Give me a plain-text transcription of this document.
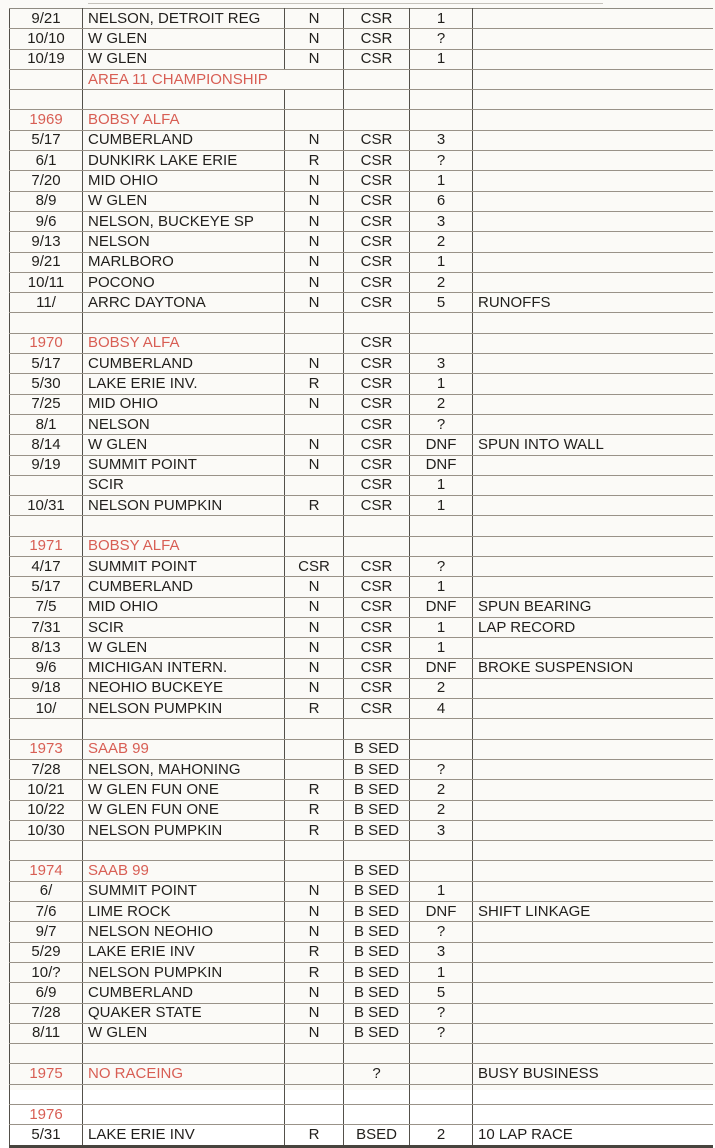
9/21	NELSON, DETROIT REG	N	CSR	1	
10/10	W GLEN	N	CSR	?	
10/19	W GLEN	N	CSR	1	
	AREA 11 CHAMPIONSHIP				

1969	BOBSY ALFA				
5/17	CUMBERLAND	N	CSR	3	
6/1	DUNKIRK LAKE ERIE	R	CSR	?	
7/20	MID OHIO	N	CSR	1	
8/9	W GLEN	N	CSR	6	
9/6	NELSON, BUCKEYE SP	N	CSR	3	
9/13	NELSON	N	CSR	2	
9/21	MARLBORO	N	CSR	1	
10/11	POCONO	N	CSR	2	
11/	ARRC DAYTONA	N	CSR	5	RUNOFFS

1970	BOBSY ALFA		CSR		
5/17	CUMBERLAND	N	CSR	3	
5/30	LAKE ERIE INV.	R	CSR	1	
7/25	MID OHIO	N	CSR	2	
8/1	NELSON		CSR	?	
8/14	W GLEN	N	CSR	DNF	SPUN INTO WALL
9/19	SUMMIT POINT	N	CSR	DNF	
	SCIR		CSR	1	
10/31	NELSON PUMPKIN	R	CSR	1	

1971	BOBSY ALFA				
4/17	SUMMIT POINT	CSR	CSR	?	
5/17	CUMBERLAND	N	CSR	1	
7/5	MID OHIO	N	CSR	DNF	SPUN BEARING
7/31	SCIR	N	CSR	1	LAP RECORD
8/13	W GLEN	N	CSR	1	
9/6	MICHIGAN INTERN.	N	CSR	DNF	BROKE SUSPENSION
9/18	NEOHIO BUCKEYE	N	CSR	2	
10/	NELSON PUMPKIN	R	CSR	4	

1973	SAAB 99		B SED		
7/28	NELSON, MAHONING		B SED	?	
10/21	W GLEN FUN ONE	R	B SED	2	
10/22	W GLEN FUN ONE	R	B SED	2	
10/30	NELSON PUMPKIN	R	B SED	3	

1974	SAAB 99		B SED		
6/	SUMMIT POINT	N	B SED	1	
7/6	LIME ROCK	N	B SED	DNF	SHIFT LINKAGE
9/7	NELSON NEOHIO	N	B SED	?	
5/29	LAKE ERIE INV	R	B SED	3	
10/?	NELSON PUMPKIN	R	B SED	1	
6/9	CUMBERLAND	N	B SED	5	
7/28	QUAKER STATE	N	B SED	?	
8/11	W GLEN	N	B SED	?	

1975	NO RACEING		?		BUSY BUSINESS

1976					
5/31	LAKE ERIE INV	R	BSED	2	10 LAP RACE
